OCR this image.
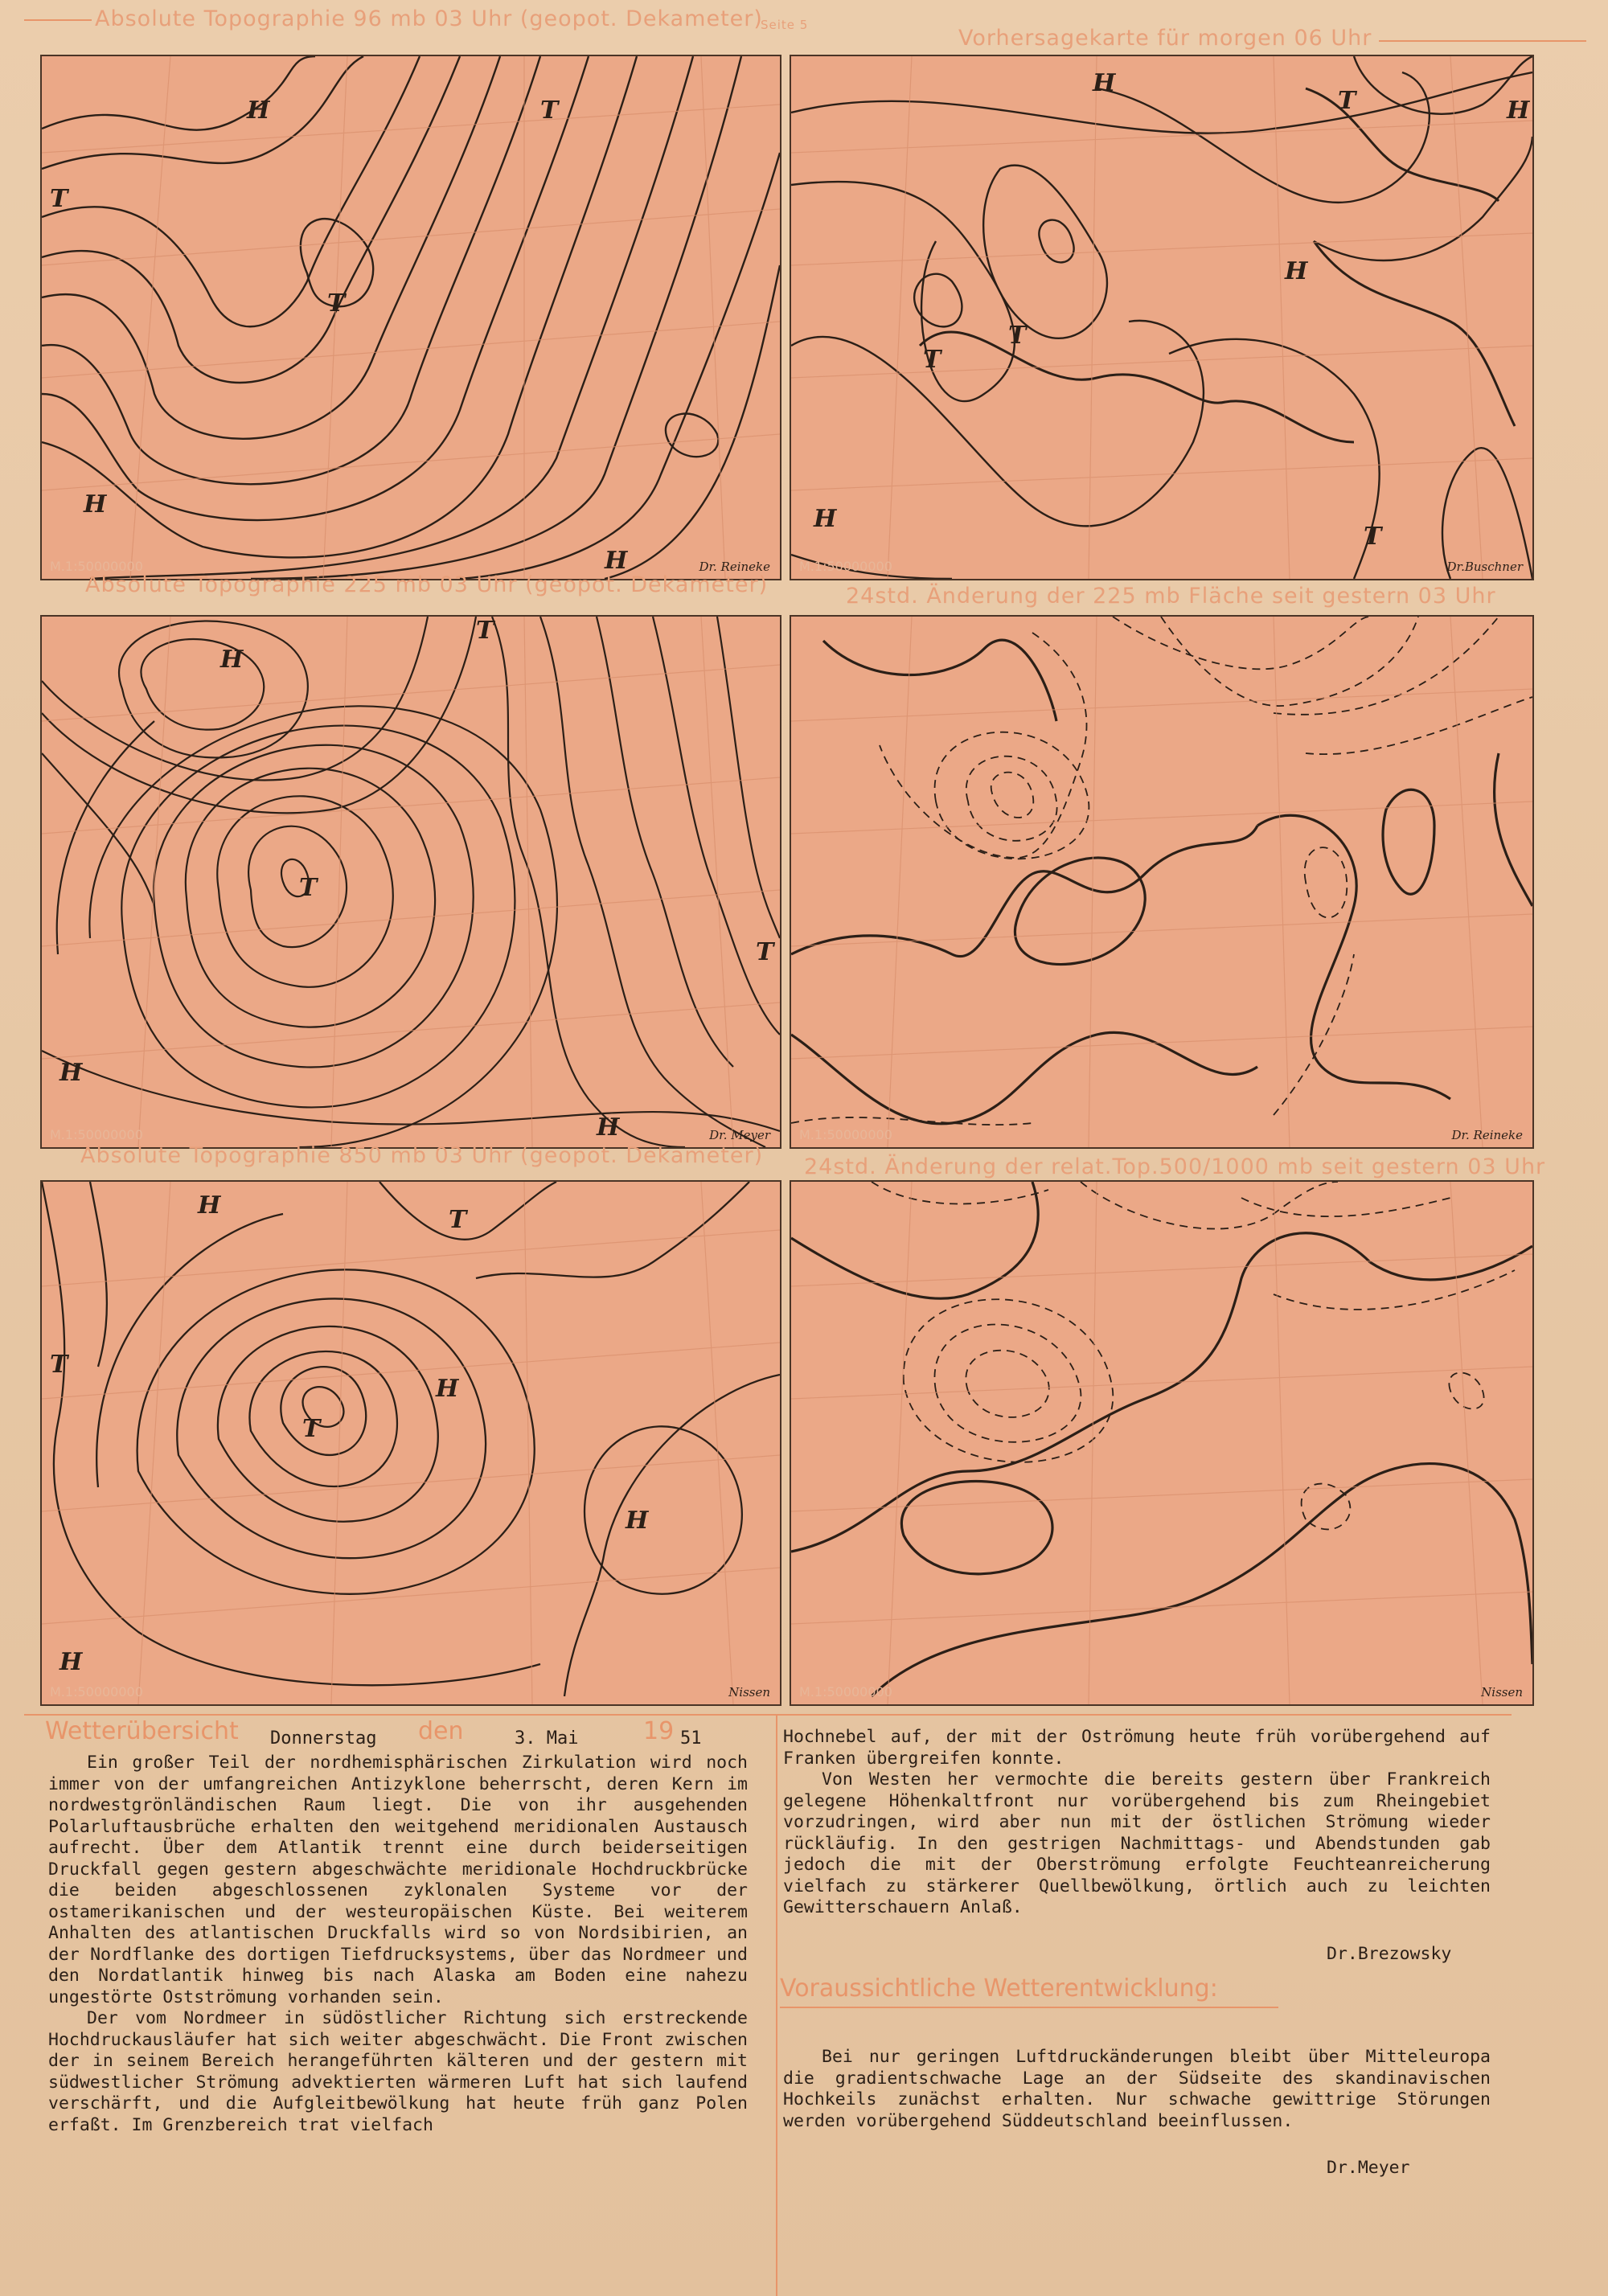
Absolute Topographie 96 mb 03 Uhr (geopot. Dekameter)
Seite 5
Vorhersagekarte für morgen 06 Uhr
H	T
T
T
H
H
M.1:50000000	Dr. Reineke
H
T	H
H
T
T
H
T
M.1:50000000	Dr.Buschner
Absolute Topographie 225 mb 03 Uhr (geopot. Dekameter)	24std. Änderung der 225 mb Fläche seit gestern 03 Uhr
H
T
T
T
H
H
M.1:50000000	Dr. Meyer M.1:50000000	Dr. Reineke
Absolute Topographie 850 mb 03 Uhr (geopot. Dekameter) 24std. Änderung der relat.Top.500/1000 mb seit gestern 03 Uhr
H
T
T
H
T
H
H
M.1:50000000	Nissen M.1:50000000	Nissen
Wetterübersicht Donnerstag den	3. Mai	19 51

Ein großer Teil der nordhemisphärischen Zirkulation wird noch immer von der umfangreichen Antizyklone beherrscht, deren Kern im nordwestgrönländischen Raum liegt. Die von ihr ausgehenden Polarluftausbrüche erhalten den weitgehend meridionalen Austausch aufrecht. Über dem Atlantik trennt eine durch beiderseitigen Druckfall gegen gestern abgeschwächte meridionale Hochdruckbrücke die beiden abgeschlossenen zyklonalen Systeme vor der ostamerikanischen und der westeuropäischen Küste. Bei weiterem Anhalten des atlantischen Druckfalls wird so von Nordsibirien, an der Nordflanke des dortigen Tiefdrucksystems, über das Nordmeer und den Nordatlantik hinweg bis nach Alaska am Boden eine nahezu ungestörte Ostströmung vorhanden sein.

Der vom Nordmeer in südöstlicher Richtung sich erstreckende Hochdruckausläufer hat sich weiter abgeschwächt. Die Front zwischen der in seinem Bereich herangeführten kälteren und der gestern mit südwestlicher Strömung advektierten wärmeren Luft hat sich laufend verschärft, und die Aufgleitbewölkung hat heute früh ganz Polen erfaßt. Im Grenzbereich trat vielfach

Hochnebel auf, der mit der Oströmung heute früh vorübergehend auf Franken übergreifen konnte.

Von Westen her vermochte die bereits gestern über Frankreich gelegene Höhenkaltfront nur vorübergehend bis zum Rheingebiet vorzudringen, wird aber nun mit der östlichen Strömung wieder rückläufig. In den gestrigen Nachmittags- und Abendstunden gab jedoch die mit der Oberströmung erfolgte Feuchteanreicherung vielfach zu stärkerer Quellbewölkung, örtlich auch zu leichten Gewitterschauern Anlaß.

Dr.Brezowsky
Voraussichtliche Wetterentwicklung:

Bei nur geringen Luftdruckänderungen bleibt über Mitteleuropa die gradientschwache Lage an der Südseite des skandinavischen Hochkeils zunächst erhalten. Nur schwache gewittrige Störungen werden vorübergehend Süddeutschland beeinflussen.

Dr.Meyer
